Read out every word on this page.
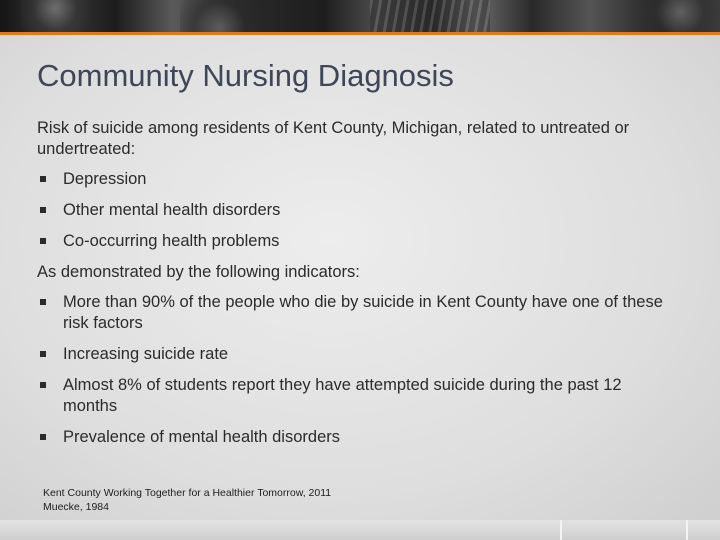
Community Nursing Diagnosis

Risk of suicide among residents of Kent County, Michigan, related to untreated or undertreated:

Depression
Other mental health disorders
Co-occurring health problems

As demonstrated by the following indicators:

More than 90% of the people who die by suicide in Kent County have one of these risk factors
Increasing suicide rate
Almost 8% of students report they have attempted suicide during the past 12 months
Prevalence of mental health disorders
Kent County Working Together for a Healthier Tomorrow, 2011
Muecke, 1984
